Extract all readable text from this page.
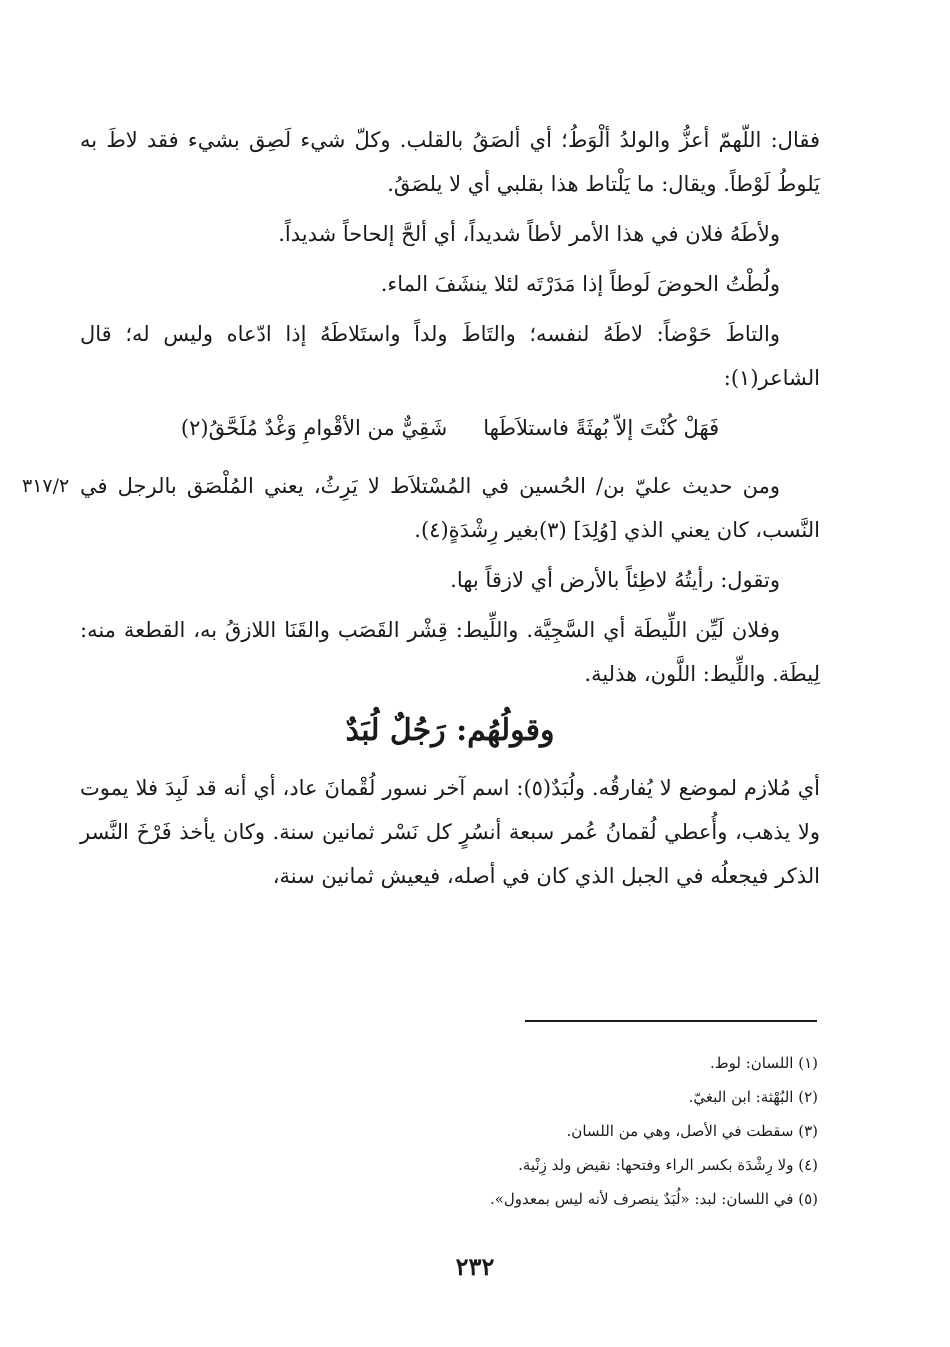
فقال: اللّهمّ أعزُّ والولدُ ألْوَطُ؛ أي ألصَقُ بالقلب. وكلّ شيء لَصِق بشيء فقد لاطَ به يَلوطُ لَوْطاً. ويقال: ما يَلْتاط هذا بقلبي أي لا يلصَقُ.

ولأطَهُ فلان في هذا الأمر لأطاً شديداً، أي ألحَّ إلحاحاً شديداً.

ولُطْتُ الحوضَ لَوطاً إذا مَدَرْتَه لئلا ينشَفَ الماء.

والتاطَ حَوْضاً: لاطَهُ لنفسه؛ والتَاطَ ولداً واستَلاطَهُ إذا ادّعاه وليس له؛ قال الشاعر(١):

فَهَلْ كُنْتَ إلاّ بُهثَةً فاستلاَطَها
شَقِيٌّ من الأقْوامِ وَغْدٌ مُلَحَّقُ(٢)
٣١٧/٢ ومن حديث عليّ بن/ الحُسين في المُسْتلاَط لا يَرِثُ، يعني المُلْصَق بالرجل في النَّسب، كان يعني الذي [وُلِدَ] (٣)بغير رِشْدَةٍ(٤).

وتقول: رأيتُهُ لاطِئاً بالأرض أي لازقاً بها.

وفلان لَيِّن اللِّيطَة أي السَّجِيَّة. واللِّيط: قِشْر القَصَب والقَنَا اللازقُ به، القطعة منه: لِيطَة. واللِّيط: اللَّون، هذلية.

وقولُهُم: رَجُلٌ لُبَدٌ

أي مُلازم لموضع لا يُفارقُه. ولُبَدٌ(٥): اسم آخر نسور لُقْمانَ عاد، أي أنه قد لَبِدَ فلا يموت ولا يذهب، وأُعطي لُقمانُ عُمر سبعة أنسُرٍ كل نَسْر ثمانين سنة. وكان يأخذ فَرْخَ النَّسر الذكر فيجعلُه في الجبل الذي كان في أصله، فيعيش ثمانين سنة،

(١) اللسان: لوط.
(٢) البُهْثة: ابن البغيّ.
(٣) سقطت في الأصل، وهي من اللسان.
(٤) ولا رِشْدَة بكسر الراء وفتحها: نقيض ولد زِنْية.
(٥) في اللسان: لبد: «لُبَدٌ ينصرف لأنه ليس بمعدول».
٢٣٢
